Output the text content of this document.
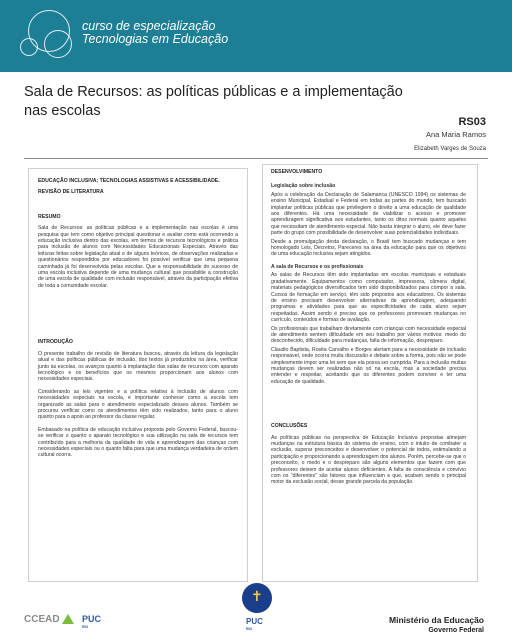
curso de especialização
Tecnologias em Educação
Sala de Recursos: as políticas públicas e a implementação nas escolas
RS03
Ana Maria Ramos
Elizabeth Varges de Souza
EDUCAÇÃO INCLUSIVA; TECNOLOGIAS ASSISTIVAS E ACESSIBILIDADE.
REVISÃO DE LITERATURA
RESUMO

Sala de Recursos: as políticas públicas e a implementação nas escolas é uma pesquisa que tem como objetivo principal questionar e avaliar como está ocorrendo a educação inclusiva dentro das escolas, em termos de recursos tecnológicos e prática para inclusão de alunos com Necessidades Educacionais Especiais. Através das leituras feitas sobre legislação atual e de alguns teóricos, de observações realizadas e questionários respondidos por educadores foi possível verificar que uma pequena caminhada já foi desenvolvida pelas escolas. Que a responsabilidade do sucesso de uma escola inclusiva depende de uma mudança cultural que possibilite a construção de uma escola de qualidade com inclusão responsável, através da participação efetiva de toda a comunidade escolar.

INTRODUÇÃO

O presente trabalho de revisão de literatura buscou, através da leitura da legislação atual e das políticas públicas de inclusão, dos textos já produzidos na área, verificar junto às escolas, os avanços quanto à implantação das salas de recursos com aparato tecnológico e os benefícios que os mesmos proporcionam aos alunos com necessidades especiais.

Considerando as leis vigentes e a política relativa à inclusão de alunos com necessidades especiais na escola, é importante conhecer como a escola tem organizado as salas para o atendimento especializado desses alunos. Também se procurou verificar como os atendimentos têm sido realizados, tanto para o aluno quanto para o apoio ao professor da classe regular.

Embasado na política de educação inclusiva proposta pelo Governo Federal, buscou-se verificar o quanto o aparato tecnológico e sua utilização na sala de recursos tem contribuído para a melhoria da qualidade de vida e aprendizagem das crianças com necessidades especiais ou o quanto falta para que uma mudança verdadeira de ordem cultural ocorra.

DESENVOLVIMENTO

Legislação sobre inclusão

Após a celebração da Declaração de Salamanca (UNESCO 1994) os sistemas de ensino Municipal, Estadual e Federal em todas as partes do mundo, tem buscado implantar políticas públicas que privilegiem o direito a uma educação de qualidade aos diferentes. Há uma necessidade de viabilizar o acesso e promover aprendizagem significativa aos estudantes, tanto os ditos normais quanto aqueles que necessitam de atendimento especial. Não basta integrar o aluno, ele deve fazer parte do grupo com possibilidade de desenvolver suas potencialidades individuais.

Desde a promulgação desta declaração, o Brasil tem buscado mudanças e tem homologado Leis, Decretos, Pareceres na área da educação para que os objetivos de uma educação inclusiva sejam atingidos.

A sala de Recursos e os profissionais

As salas de Recursos têm sido implantadas em escolas municipais e estaduais gradativamente. Equipamentos como computador, impressora, câmera digital, materiais pedagógicos diversificados tem sido disponibilizados para compor a sala. Cursos de formação em serviço, têm sido propostos aos educadores. Os sistemas de ensino precisam desenvolver alternativas de aprendizagem, adequando programas e atividades para que as especificidades de cada aluno sejam respeitadas. Assim sendo é preciso que os professores promovam mudanças no currículo, conteúdos e formas de avaliação.

Os profissionais que trabalham diretamente com crianças com necessidade especial de atendimento sentem dificuldade em seu trabalho por vários motivos: medo do desconhecido, dificuldade para mudanças, falta de informação, despreparo.

Claudio Baptista, Rosita Carvalho e Borges alertam para a necessidade de inclusão responsável, onde ocorra muita discussão e debate sobre a forma, pois não se pode simplesmente impor uma lei sem que ela possa ser cumprida. Para a inclusão muitas mudanças devem ser realizadas não só na escola, mas a sociedade precisa entender e respeitar, aceitando que os diferentes podem conviver e ter uma educação de qualidade.

CONCLUSÕES

As políticas públicas na perspectiva de Educação Inclusiva propostas almejam mudanças na estrutura básica do sistema de ensino, com o intuito de combater a exclusão, superar preconceitos e desenvolver o potencial de todos, estimulando a participação e proporcionando a aprendizagem dos alunos. Porém, percebe-se que o preconceito, o medo e o despreparo são alguns elementos que fazem com que professores deixem de aceitar alunos deficientes. A falta de consciência e convívio com os "diferentes" são fatores que influenciam e que, acabam sendo o principal motor da exclusão social, desse grande parcela da população.

CCEAD PUC
RIO
✝
PUC
RIO
Ministério da Educação
Governo Federal
